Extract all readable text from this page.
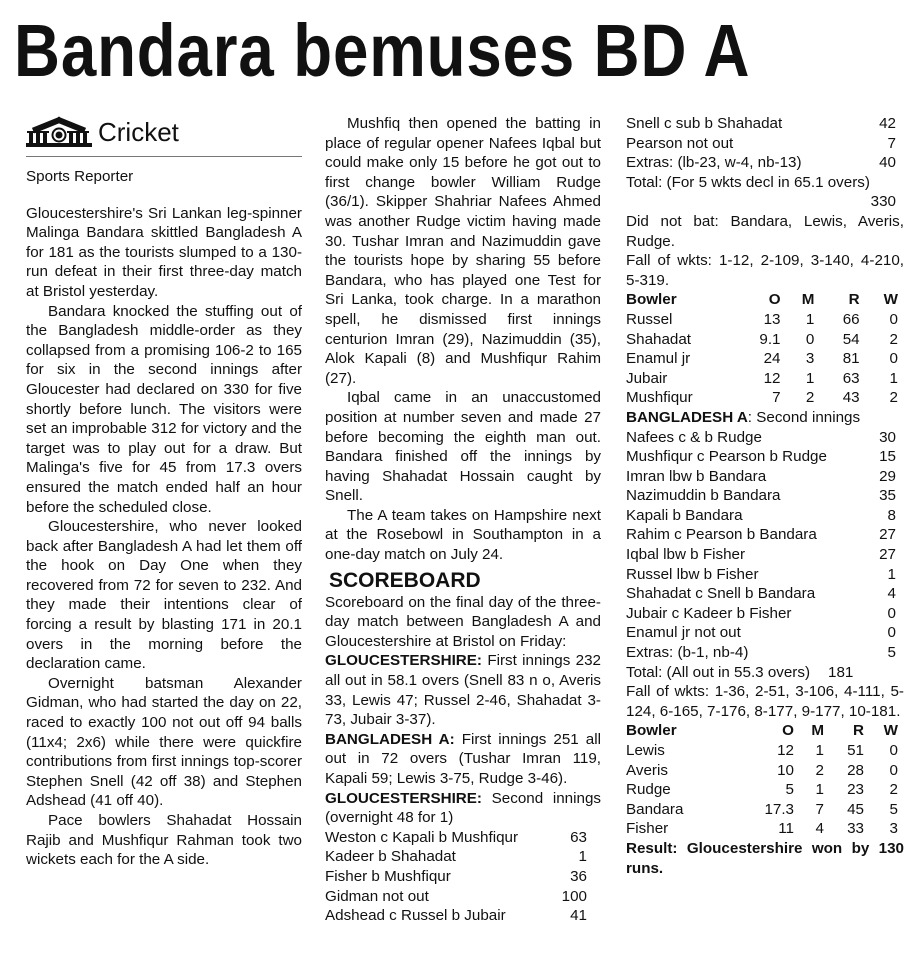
Bandara bemuses BD A
Cricket

Sports Reporter

Gloucestershire's Sri Lankan leg-spinner Malinga Bandara skittled Bangladesh A for 181 as the tourists slumped to a 130-run defeat in their first three-day match at Bristol yesterday.

Bandara knocked the stuffing out of the Bangladesh middle-order as they collapsed from a promising 106-2 to 165 for six in the second innings after Gloucester had declared on 330 for five shortly before lunch. The visitors were set an improbable 312 for victory and the target was to play out for a draw. But Malinga's five for 45 from 17.3 overs ensured the match ended half an hour before the scheduled close.

Gloucestershire, who never looked back after Bangladesh A had let them off the hook on Day One when they recovered from 72 for seven to 232. And they made their intentions clear of forcing a result by blasting 171 in 20.1 overs in the morning before the declaration came.

Overnight batsman Alexander Gidman, who had started the day on 22, raced to exactly 100 not out off 94 balls (11x4; 2x6) while there were quickfire contributions from first innings top-scorer Stephen Snell (42 off 38) and Stephen Adshead (41 off 40).

Pace bowlers Shahadat Hossain Rajib and Mushfiqur Rahman took two wickets each for the A side.

Mushfiq then opened the batting in place of regular opener Nafees Iqbal but could make only 15 before he got out to first change bowler William Rudge (36/1). Skipper Shahriar Nafees Ahmed was another Rudge victim having made 30. Tushar Imran and Nazimuddin gave the tourists hope by sharing 55 before Bandara, who has played one Test for Sri Lanka, took charge. In a marathon spell, he dismissed first innings centurion Imran (29), Nazimuddin (35), Alok Kapali (8) and Mushfiqur Rahim (27).

Iqbal came in an unaccustomed position at number seven and made 27 before becoming the eighth man out. Bandara finished off the innings by having Shahadat Hossain caught by Snell.

The A team takes on Hampshire next at the Rosebowl in Southampton in a one-day match on July 24.

SCOREBOARD

Scoreboard on the final day of the three-day match between Bangladesh A and Gloucestershire at Bristol on Friday:

GLOUCESTERSHIRE: First innings 232 all out in 58.1 overs (Snell 83 n o, Averis 33, Lewis 47; Russel 2-46, Shahadat 3-73, Jubair 3-37).

BANGLADESH A: First innings 251 all out in 72 overs (Tushar Imran 119, Kapali 59; Lewis 3-75, Rudge 3-46).

GLOUCESTERSHIRE: Second innings (overnight 48 for 1)

Weston c Kapali b Mushfiqur	63
Kadeer b Shahadat	1
Fisher b Mushfiqur	36
Gidman not out	100
Adshead c Russel b Jubair	41
Snell c sub b Shahadat	42
Pearson not out	7
Extras: (lb-23, w-4, nb-13)	40
Total: (For 5 wkts decl in 65.1 overs)
330

Did not bat: Bandara, Lewis, Averis, Rudge.

Fall of wkts: 1-12, 2-109, 3-140, 4-210, 5-319.

Bowler	O	M	R	W
Russel	13	1	66	0
Shahadat	9.1	0	54	2
Enamul jr	24	3	81	0
Jubair	12	1	63	1
Mushfiqur	7	2	43	2
BANGLADESH A: Second innings
Nafees c & b Rudge	30
Mushfiqur c Pearson b Rudge	15
Imran lbw b Bandara	29
Nazimuddin b Bandara	35
Kapali b Bandara	8
Rahim c Pearson b Bandara	27
Iqbal lbw b Fisher	27
Russel lbw b Fisher	1
Shahadat c Snell b Bandara	4
Jubair c Kadeer b Fisher	0
Enamul jr not out	0
Extras: (b-1, nb-4)	5
Total: (All out in 55.3 overs) 181

Fall of wkts: 1-36, 2-51, 3-106, 4-111, 5-124, 6-165, 7-176, 8-177, 9-177, 10-181.

Bowler	O	M	R	W
Lewis	12	1	51	0
Averis	10	2	28	0
Rudge	5	1	23	2
Bandara	17.3	7	45	5
Fisher	11	4	33	3

Result: Gloucestershire won by 130 runs.
